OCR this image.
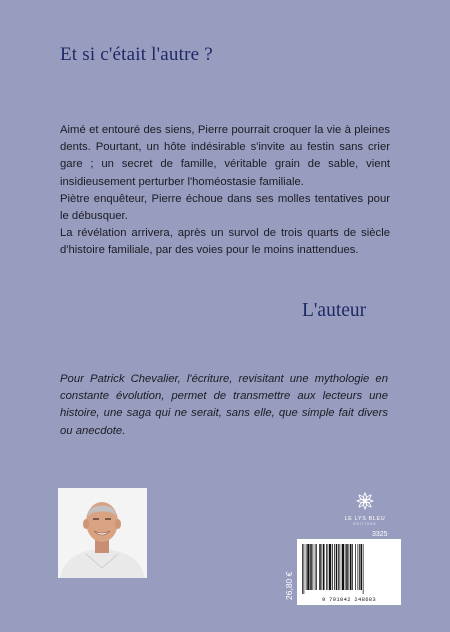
Et si c'était l'autre ?

Aimé et entouré des siens, Pierre pourrait croquer la vie à pleines dents. Pourtant, un hôte indésirable s'invite au festin sans crier gare ; un secret de famille, véritable grain de sable, vient insidieusement perturber l'homéostasie familiale.

Piètre enquêteur, Pierre échoue dans ses molles tentatives pour le débusquer.

La révélation arrivera, après un survol de trois quarts de siècle d'histoire familiale, par des voies pour le moins inattendues.

L'auteur

Pour Patrick Chevalier, l'écriture, revisitant une mythologie en constante évolution, permet de transmettre aux lecteurs une histoire, une saga qui ne serait, sans elle, que simple fait divers ou anecdote.

LE LYS BLEU
ÉDITIONS
3325
26,80 €	9 791042 248683
